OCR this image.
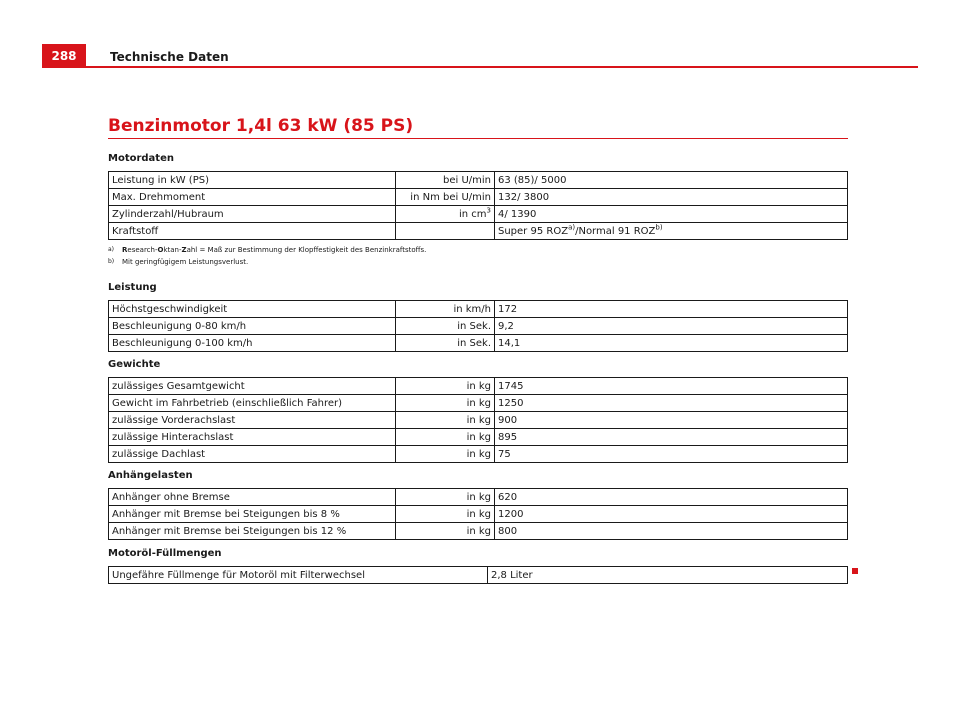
288	Technische Daten
Benzinmotor 1,4l 63 kW (85 PS)
Motordaten
Leistung in kW (PS)	bei U/min	63 (85)/ 5000
Max. Drehmoment	in Nm bei U/min	132/ 3800
Zylinderzahl/Hubraum	in $cm^3$	4/ 1390
Kraftstoff		Super 95 ROZ$^{a)}$/Normal 91 ROZ$^{b)}$
a)	Research-Oktan-Zahl = Maß zur Bestimmung der Klopffestigkeit des Benzinkraftstoffs.
b)	Mit geringfügigem Leistungsverlust.
Leistung
Höchstgeschwindigkeit	in km/h	172
Beschleunigung 0-80 km/h	in Sek.	9,2
Beschleunigung 0-100 km/h	in Sek.	14,1
Gewichte
zulässiges Gesamtgewicht	in kg	1745
Gewicht im Fahrbetrieb (einschließlich Fahrer)	in kg	1250
zulässige Vorderachslast	in kg	900
zulässige Hinterachslast	in kg	895
zulässige Dachlast	in kg	75
Anhängelasten
Anhänger ohne Bremse	in kg	620
Anhänger mit Bremse bei Steigungen bis 8 %	in kg	1200
Anhänger mit Bremse bei Steigungen bis 12 %	in kg	800
Motoröl-Füllmengen
Ungefähre Füllmenge für Motoröl mit Filterwechsel	2,8 Liter
